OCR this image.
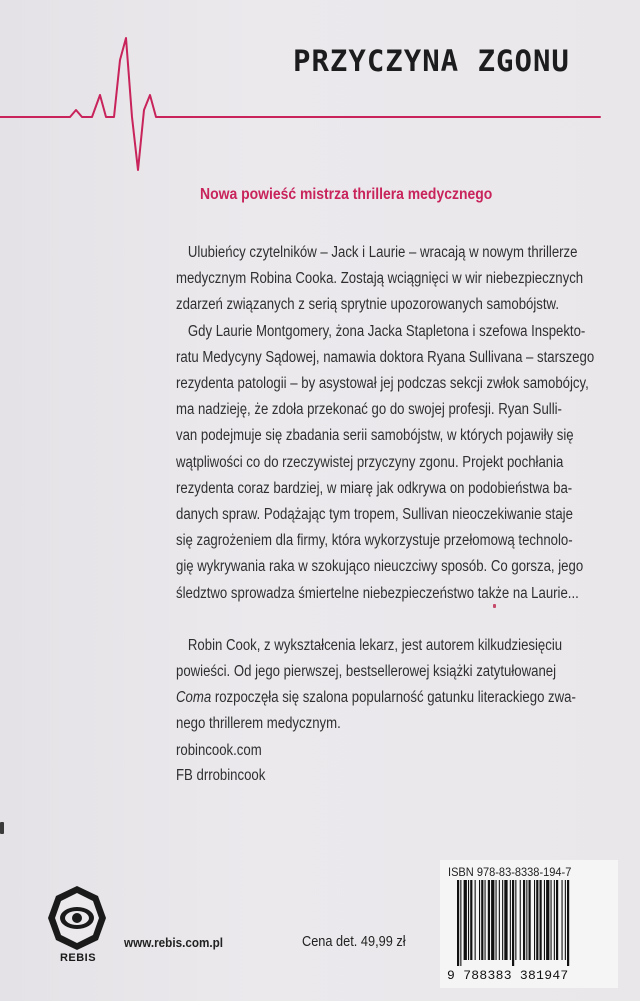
PRZYCZYNA ZGONU
Nowa powieść mistrza thrillera medycznego
Ulubieńcy czytelników – Jack i Laurie – wracają w nowym thrillerze
medycznym Robina Cooka. Zostają wciągnięci w wir niebezpiecznych
zdarzeń związanych z serią sprytnie upozorowanych samobójstw.
Gdy Laurie Montgomery, żona Jacka Stapletona i szefowa Inspekto-
ratu Medycyny Sądowej, namawia doktora Ryana Sullivana – starszego
rezydenta patologii – by asystował jej podczas sekcji zwłok samobójcy,
ma nadzieję, że zdoła przekonać go do swojej profesji. Ryan Sulli-
van podejmuje się zbadania serii samobójstw, w których pojawiły się
wątpliwości co do rzeczywistej przyczyny zgonu. Projekt pochłania
rezydenta coraz bardziej, w miarę jak odkrywa on podobieństwa ba-
danych spraw. Podążając tym tropem, Sullivan nieoczekiwanie staje
się zagrożeniem dla firmy, która wykorzystuje przełomową technolo-
gię wykrywania raka w szokująco nieuczciwy sposób. Co gorsza, jego
śledztwo sprowadza śmiertelne niebezpieczeństwo także na Laurie...
Robin Cook, z wykształcenia lekarz, jest autorem kilkudziesięciu
powieści. Od jego pierwszej, bestsellerowej książki zatytułowanej
Coma rozpoczęła się szalona popularność gatunku literackiego zwa-
nego thrillerem medycznym.
robincook.com
FB drrobincook
REBIS
www.rebis.com.pl	Cena det. 49,99 zł
ISBN 978-83-8338-194-7
9 788383 381947
